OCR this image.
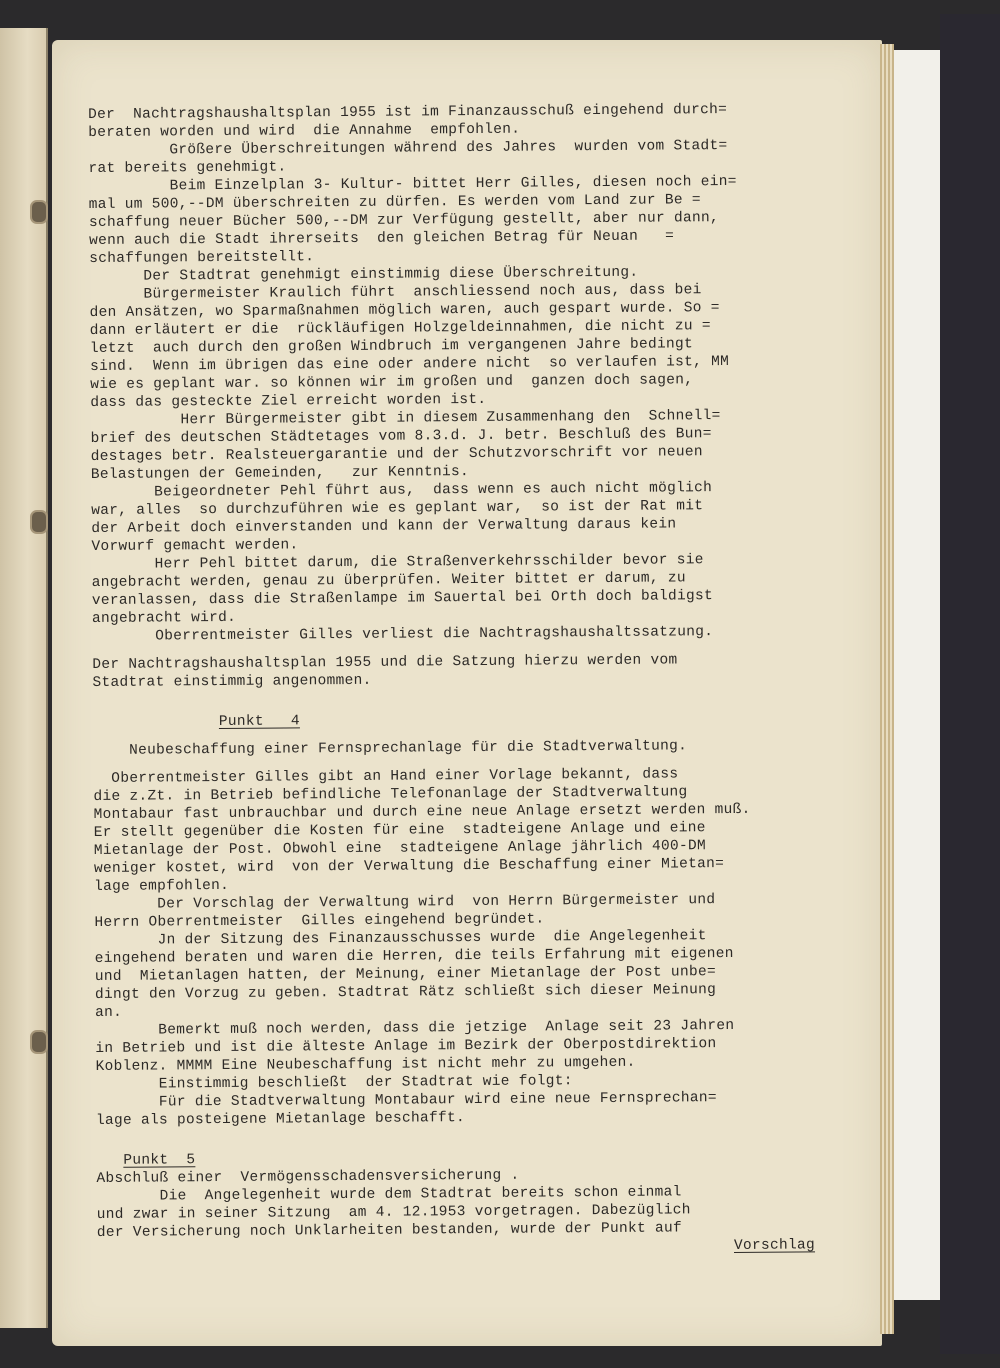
Der  Nachtragshaushaltsplan 1955 ist im Finanzausschuß eingehend durch=
beraten worden und wird  die Annahme  empfohlen.
Größere Überschreitungen während des Jahres  wurden vom Stadt=
rat bereits genehmigt.
Beim Einzelplan 3- Kultur- bittet Herr Gilles, diesen noch ein=
mal um 500,--DM überschreiten zu dürfen. Es werden vom Land zur Be =
schaffung neuer Bücher 500,--DM zur Verfügung gestellt, aber nur dann,
wenn auch die Stadt ihrerseits  den gleichen Betrag für Neuan   =
schaffungen bereitstellt.
Der Stadtrat genehmigt einstimmig diese Überschreitung.
Bürgermeister Kraulich führt  anschliessend noch aus, dass bei
den Ansätzen, wo Sparmaßnahmen möglich waren, auch gespart wurde. So =
dann erläutert er die  rückläufigen Holzgeldeinnahmen, die nicht zu =
letzt  auch durch den großen Windbruch im vergangenen Jahre bedingt
sind.  Wenn im übrigen das eine oder andere nicht  so verlaufen ist, MM
wie es geplant war. so können wir im großen und  ganzen doch sagen,
dass das gesteckte Ziel erreicht worden ist.
Herr Bürgermeister gibt in diesem Zusammenhang den  Schnell=
brief des deutschen Städtetages vom 8.3.d. J. betr. Beschluß des Bun=
destages betr. Realsteuergarantie und der Schutzvorschrift vor neuen
Belastungen der Gemeinden,   zur Kenntnis.
Beigeordneter Pehl führt aus,  dass wenn es auch nicht möglich
war, alles  so durchzuführen wie es geplant war,  so ist der Rat mit
der Arbeit doch einverstanden und kann der Verwaltung daraus kein
Vorwurf gemacht werden.
Herr Pehl bittet darum, die Straßenverkehrsschilder bevor sie
angebracht werden, genau zu überprüfen. Weiter bittet er darum, zu
veranlassen, dass die Straßenlampe im Sauertal bei Orth doch baldigst
angebracht wird.
Oberrentmeister Gilles verliest die Nachtragshaushaltssatzung.
Der Nachtragshaushaltsplan 1955 und die Satzung hierzu werden vom
Stadtrat einstimmig angenommen.
Punkt   4
Neubeschaffung einer Fernsprechanlage für die Stadtverwaltung.
Oberrentmeister Gilles gibt an Hand einer Vorlage bekannt, dass
die z.Zt. in Betrieb befindliche Telefonanlage der Stadtverwaltung
Montabaur fast unbrauchbar und durch eine neue Anlage ersetzt werden muß.
Er stellt gegenüber die Kosten für eine  stadteigene Anlage und eine
Mietanlage der Post. Obwohl eine  stadteigene Anlage jährlich 400-DM
weniger kostet, wird  von der Verwaltung die Beschaffung einer Mietan=
lage empfohlen.
Der Vorschlag der Verwaltung wird  von Herrn Bürgermeister und
Herrn Oberrentmeister  Gilles eingehend begründet.
Jn der Sitzung des Finanzausschusses wurde  die Angelegenheit
eingehend beraten und waren die Herren, die teils Erfahrung mit eigenen
und  Mietanlagen hatten, der Meinung, einer Mietanlage der Post unbe=
dingt den Vorzug zu geben. Stadtrat Rätz schließt sich dieser Meinung
an.
Bemerkt muß noch werden, dass die jetzige  Anlage seit 23 Jahren
in Betrieb und ist die älteste Anlage im Bezirk der Oberpostdirektion
Koblenz. MMMM Eine Neubeschaffung ist nicht mehr zu umgehen.
Einstimmig beschließt  der Stadtrat wie folgt:
Für die Stadtverwaltung Montabaur wird eine neue Fernsprechan=
lage als posteigene Mietanlage beschafft.
Punkt  5
Abschluß einer  Vermögensschadensversicherung .
Die  Angelegenheit wurde dem Stadtrat bereits schon einmal
und zwar in seiner Sitzung  am 4. 12.1953 vorgetragen. Dabezüglich
der Versicherung noch Unklarheiten bestanden, wurde der Punkt auf
Vorschlag
